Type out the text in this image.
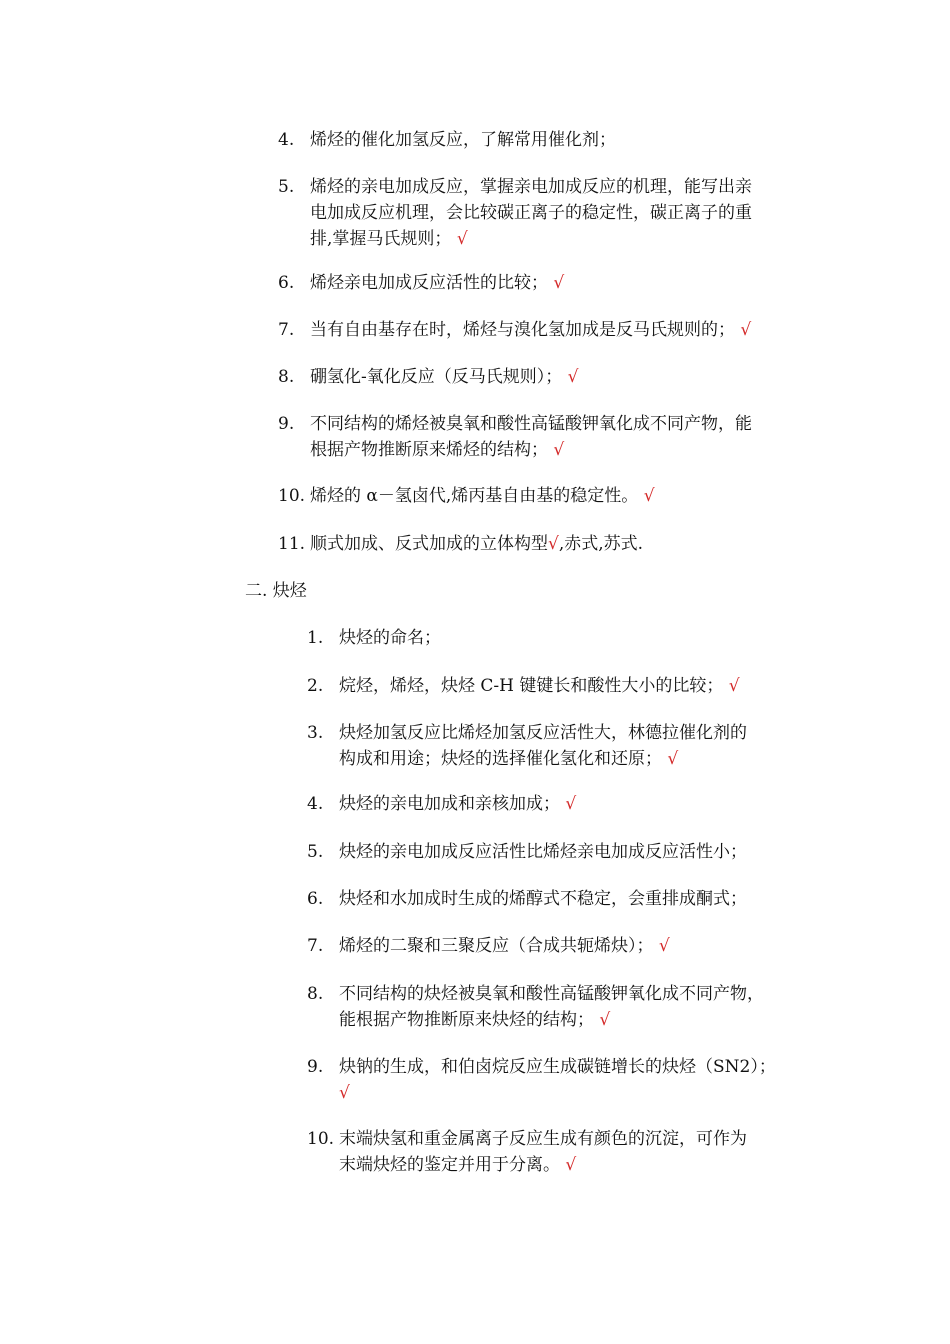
4. 烯烃的催化加氢反应，了解常用催化剂；
5. 烯烃的亲电加成反应，掌握亲电加成反应的机理，能写出亲
电加成反应机理，会比较碳正离子的稳定性，碳正离子的重
排,掌握马氏规则； √
6. 烯烃亲电加成反应活性的比较； √
7. 当有自由基存在时，烯烃与溴化氢加成是反马氏规则的； √
8. 硼氢化-氧化反应（反马氏规则）； √
9. 不同结构的烯烃被臭氧和酸性高锰酸钾氧化成不同产物，能
根据产物推断原来烯烃的结构； √
10. 烯烃的 α－氢卤代,烯丙基自由基的稳定性。 √
11. 顺式加成、反式加成的立体构型√,赤式,苏式.
二. 炔烃
1. 炔烃的命名；
2. 烷烃，烯烃，炔烃 C-H 键键长和酸性大小的比较； √
3. 炔烃加氢反应比烯烃加氢反应活性大，林德拉催化剂的
构成和用途；炔烃的选择催化氢化和还原； √
4. 炔烃的亲电加成和亲核加成； √
5. 炔烃的亲电加成反应活性比烯烃亲电加成反应活性小；
6. 炔烃和水加成时生成的烯醇式不稳定，会重排成酮式；
7. 烯烃的二聚和三聚反应（合成共轭烯炔）； √
8. 不同结构的炔烃被臭氧和酸性高锰酸钾氧化成不同产物，
能根据产物推断原来炔烃的结构； √
9. 炔钠的生成，和伯卤烷反应生成碳链增长的炔烃（SN2）；
√
10. 末端炔氢和重金属离子反应生成有颜色的沉淀，可作为
末端炔烃的鉴定并用于分离。 √
